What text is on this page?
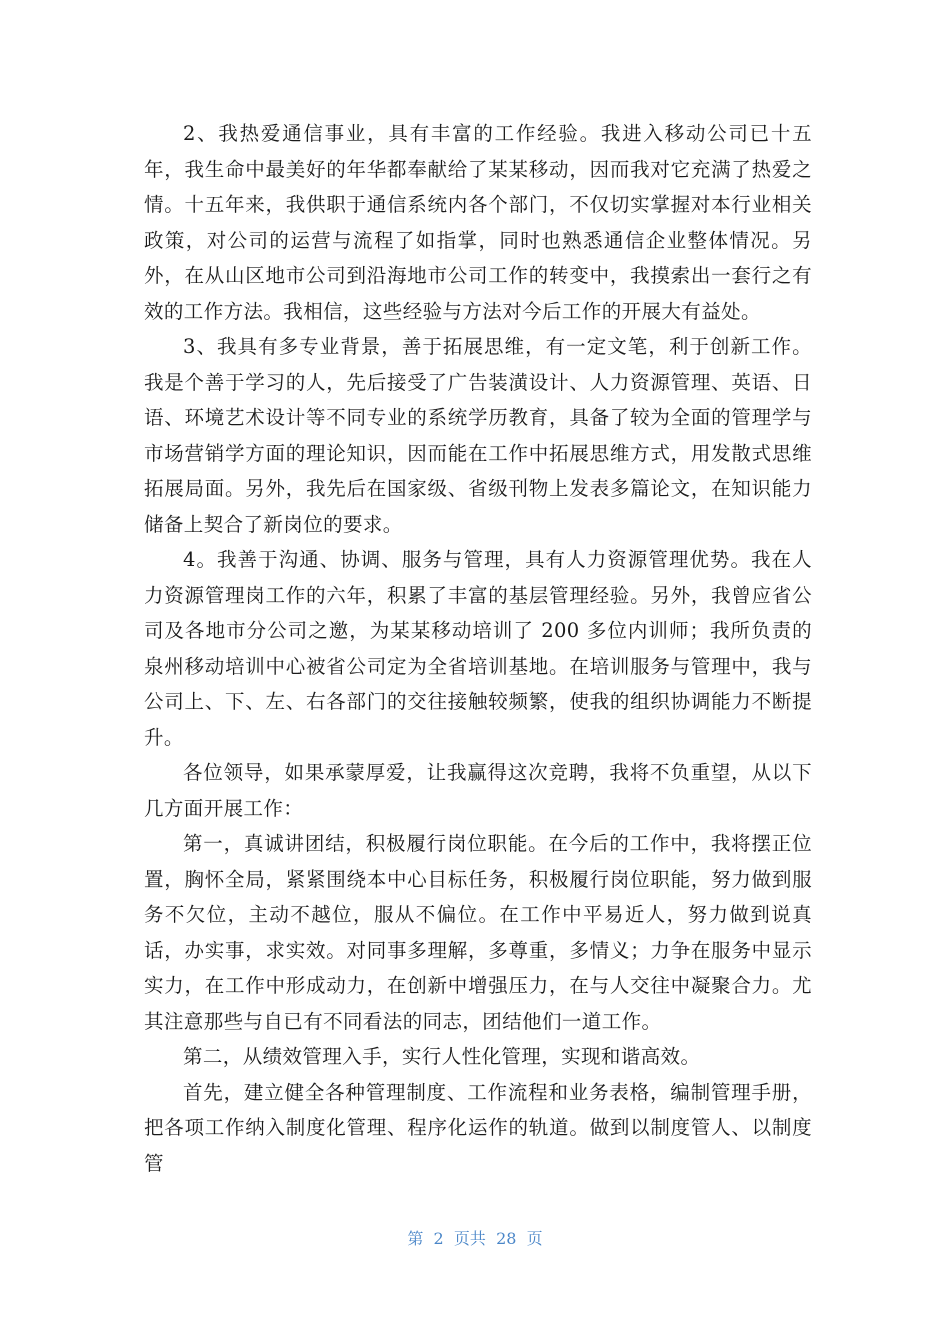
2、我热爱通信事业，具有丰富的工作经验。我进入移动公司已十五年，我生命中最美好的年华都奉献给了某某移动，因而我对它充满了热爱之情。十五年来，我供职于通信系统内各个部门，不仅切实掌握对本行业相关政策，对公司的运营与流程了如指掌，同时也熟悉通信企业整体情况。另外，在从山区地市公司到沿海地市公司工作的转变中，我摸索出一套行之有效的工作方法。我相信，这些经验与方法对今后工作的开展大有益处。

3、我具有多专业背景，善于拓展思维，有一定文笔，利于创新工作。我是个善于学习的人，先后接受了广告装潢设计、人力资源管理、英语、日语、环境艺术设计等不同专业的系统学历教育，具备了较为全面的管理学与市场营销学方面的理论知识，因而能在工作中拓展思维方式，用发散式思维拓展局面。另外，我先后在国家级、省级刊物上发表多篇论文，在知识能力储备上契合了新岗位的要求。

4。我善于沟通、协调、服务与管理，具有人力资源管理优势。我在人力资源管理岗工作的六年，积累了丰富的基层管理经验。另外，我曾应省公司及各地市分公司之邀，为某某移动培训了 200 多位内训师；我所负责的泉州移动培训中心被省公司定为全省培训基地。在培训服务与管理中，我与公司上、下、左、右各部门的交往接触较频繁，使我的组织协调能力不断提升。

各位领导，如果承蒙厚爱，让我赢得这次竞聘，我将不负重望，从以下几方面开展工作：

第一，真诚讲团结，积极履行岗位职能。在今后的工作中，我将摆正位置，胸怀全局，紧紧围绕本中心目标任务，积极履行岗位职能，努力做到服务不欠位，主动不越位，服从不偏位。在工作中平易近人，努力做到说真话，办实事，求实效。对同事多理解，多尊重，多情义；力争在服务中显示实力，在工作中形成动力，在创新中增强压力，在与人交往中凝聚合力。尤其注意那些与自已有不同看法的同志，团结他们一道工作。

第二，从绩效管理入手，实行人性化管理，实现和谐高效。

首先，建立健全各种管理制度、工作流程和业务表格，编制管理手册，把各项工作纳入制度化管理、程序化运作的轨道。做到以制度管人、以制度管

第  2  页共  28  页
